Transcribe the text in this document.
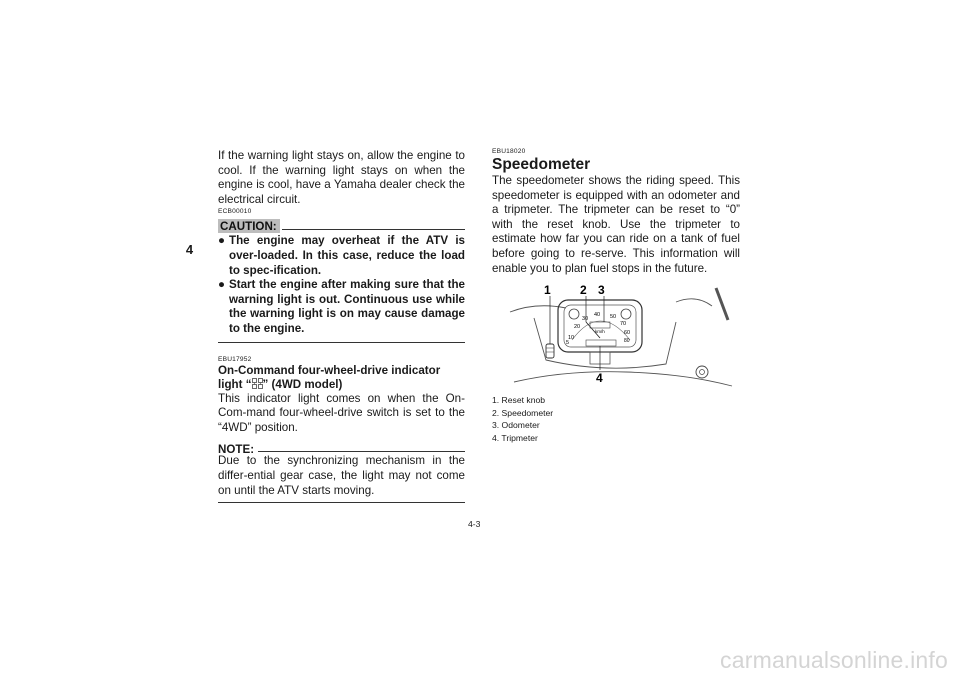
4

If the warning light stays on, allow the engine to cool. If the warning light stays on when the engine is cool, have a Yamaha dealer check the electrical circuit.

ECB00010

CAUTION:
● The engine may overheat if the ATV is over-loaded. In this case, reduce the load to spec-ification.
● Start the engine after making sure that the warning light is out. Continuous use while the warning light is on may cause damage to the engine.

EBU17952

On-Command four-wheel-drive indicator
light “ ” (4WD model)

This indicator light comes on when the On-Com-mand four-wheel-drive switch is set to the “4WD” position.

NOTE:

Due to the synchronizing mechanism in the differ-ential gear case, the light may not come on until the ATV starts moving.

EBU18020

Speedometer

The speedometer shows the riding speed. This speedometer is equipped with an odometer and a tripmeter. The tripmeter can be reset to “0” with the reset knob. Use the tripmeter to estimate how far you can ride on a tank of fuel before going to re-serve. This information will enable you to plan fuel stops in the future.

10
20
30
40 50
60
70
80
5
km/h
1 2 3
4
1. Reset knob
2. Speedometer
3. Odometer
4. Tripmeter
4-3
carmanualsonline.info
